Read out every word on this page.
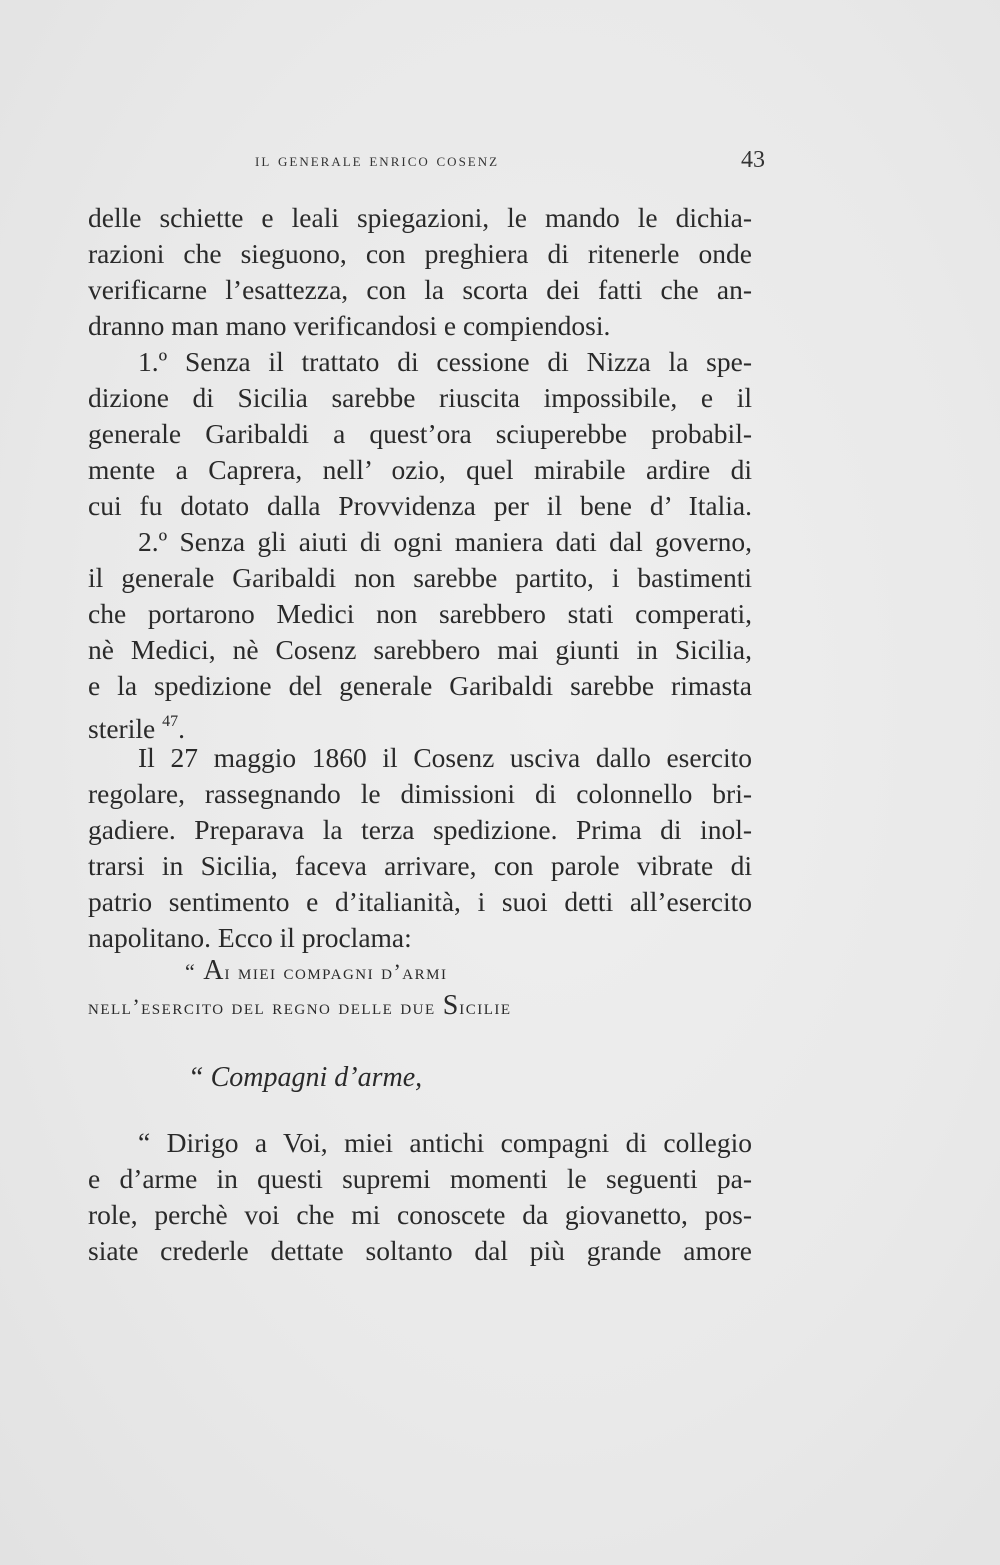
il generale enrico cosenz	43
delle schiette e leali spiegazioni, le mando le dichia-
razioni che sieguono, con preghiera di ritenerle onde
verificarne l’esattezza, con la scorta dei fatti che an-
dranno man mano verificandosi e compiendosi.
1.º Senza il trattato di cessione di Nizza la spe-
dizione di Sicilia sarebbe riuscita impossibile, e il
generale Garibaldi a quest’ora sciuperebbe probabil-
mente a Caprera, nell’ ozio, quel mirabile ardire di
cui fu dotato dalla Provvidenza per il bene d’ Italia.
2.º Senza gli aiuti di ogni maniera dati dal governo,
il generale Garibaldi non sarebbe partito, i bastimenti
che portarono Medici non sarebbero stati comperati,
nè Medici, nè Cosenz sarebbero mai giunti in Sicilia,
e la spedizione del generale Garibaldi sarebbe rimasta
sterile $^{47}$.
Il 27 maggio 1860 il Cosenz usciva dallo esercito
regolare, rassegnando le dimissioni di colonnello bri-
gadiere. Preparava la terza spedizione. Prima di inol-
trarsi in Sicilia, faceva arrivare, con parole vibrate di
patrio sentimento e d’italianità, i suoi detti all’esercito
napolitano. Ecco il proclama:
“ Ai miei compagni d’armi
nell’esercito del regno delle due Sicilie
“ Compagni d’arme,
“ Dirigo a Voi, miei antichi compagni di collegio
e d’arme in questi supremi momenti le seguenti pa-
role, perchè voi che mi conoscete da giovanetto, pos-
siate crederle dettate soltanto dal più grande amore
